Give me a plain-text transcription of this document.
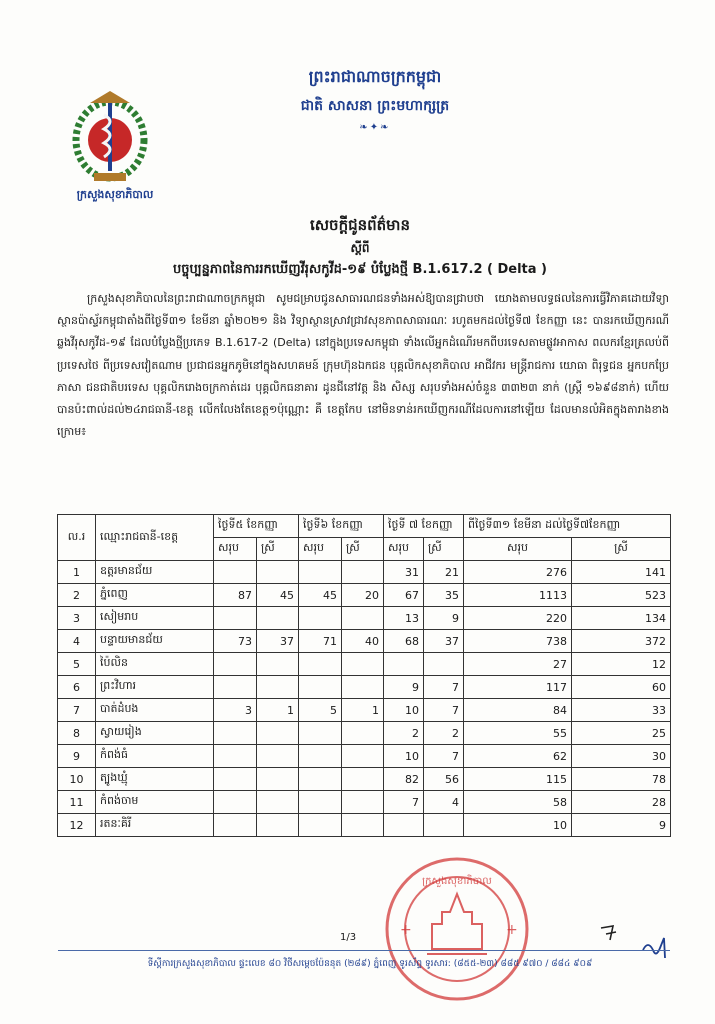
ព្រះរាជាណាចក្រកម្ពុជា
ជាតិ សាសនា ព្រះមហាក្សត្រ
❧✦❧
ក្រសួងសុខាភិបាល
សេចក្តីជូនព័ត៌មាន
ស្តីពី
បច្ចុប្បន្នភាពនៃការរកឃើញវីរុសកូវីដ-១៩ បំប្លែងថ្មី B.1.617.2 ( Delta )
ក្រសួងសុខាភិបាលនៃព្រះរាជាណាចក្រកម្ពុជា សូមជម្រាបជូនសាធារណជនទាំងអស់ឱ្យបានជ្រាបថា យោងតាមលទ្ធផលនៃការធ្វើវិភាគដោយវិទ្យាស្ថានប៉ាស្ទ័រកម្ពុជាតាំងពីថ្ងៃទី៣១ ខែមីនា ឆ្នាំ២០២១ និង វិទ្យាស្ថានស្រាវជ្រាវសុខភាពសាធារណៈ រហូតមកដល់ថ្ងៃទី៧ ខែកញ្ញា នេះ បានរកឃើញករណីឆ្លងវីរុសកូវីដ-១៩ ដែលបំប្លែងថ្មីប្រភេទ B.1.617-2 (Delta) នៅក្នុងប្រទេសកម្ពុជា ទាំងលើអ្នកដំណើរមកពីបរទេសតាមផ្លូវអាកាស ពលករខ្មែរត្រលប់ពីប្រទេសថៃ ពីប្រទេសវៀតណាម ប្រជាជនអ្នកភូមិនៅក្នុងសហគមន៍ ក្រុមហ៊ុនឯកជន បុគ្គលិកសុខាភិបាល អាជីវករ មន្ត្រីរាជការ យោធា ពិរុទ្ធជន អ្នកបកប្រែភាសា ជនជាតិបរទេស បុគ្គលិករោងចក្រកាត់ដេរ បុគ្គលិកធនាគារ ដូនជីនៅវត្ត និង សិស្ស សរុបទាំងអស់ចំនួន ៣៣២៣ នាក់ (ស្ត្រី ១៦៩៨នាក់) ហើយបានប៉ះពាល់ដល់២៤រាជធានី-ខេត្ត លើកលែងតែខេត្ត១ប៉ុណ្ណោះ គឺ ខេត្តកែប នៅមិនទាន់រកឃើញករណីដែលការនៅឡើយ ដែលមានលំអិតក្នុងតារាងខាងក្រោម៖
ល.រ	ឈ្មោះរាជធានី-ខេត្ត	ថ្ងៃទី៥ ខែកញ្ញា		ថ្ងៃទី៦ ខែកញ្ញា		ថ្ងៃទី ៧ ខែកញ្ញា		ពីថ្ងៃទី៣១ ខែមីនា ដល់ថ្ងៃទី៧ខែកញ្ញា	
		សរុប	ស្រី	សរុប	ស្រី	សរុប	ស្រី	សរុប	ស្រី
1	ឧត្តរមានជ័យ					31	21	276	141
2	ភ្នំពេញ	87	45	45	20	67	35	1113	523
3	សៀមរាប					13	9	220	134
4	បន្ទាយមានជ័យ	73	37	71	40	68	37	738	372
5	ប៉ៃលិន							27	12
6	ព្រះវិហារ					9	7	117	60
7	បាត់ដំបង	3	1	5	1	10	7	84	33
8	ស្វាយរៀង					2	2	55	25
9	កំពង់ធំ					10	7	62	30
10	ត្បូងឃ្មុំ					82	56	115	78
11	កំពង់ចាម					7	4	58	28
12	រតនៈគិរី							10	9
ក្រសួងសុខាភិបាល
+	+
1/3
ទីស្តីការក្រសួងសុខាភិបាល ផ្ទះលេខ ៨០ វិថីសម្តេចប៉ែននុត (២៨៩) ភ្នំពេញ ទូរស័ព្ទ ទូរសារ: (៨៥៥-២៣) ៨៨៥ ៩៧០ / ៨៨៤ ៩០៩
